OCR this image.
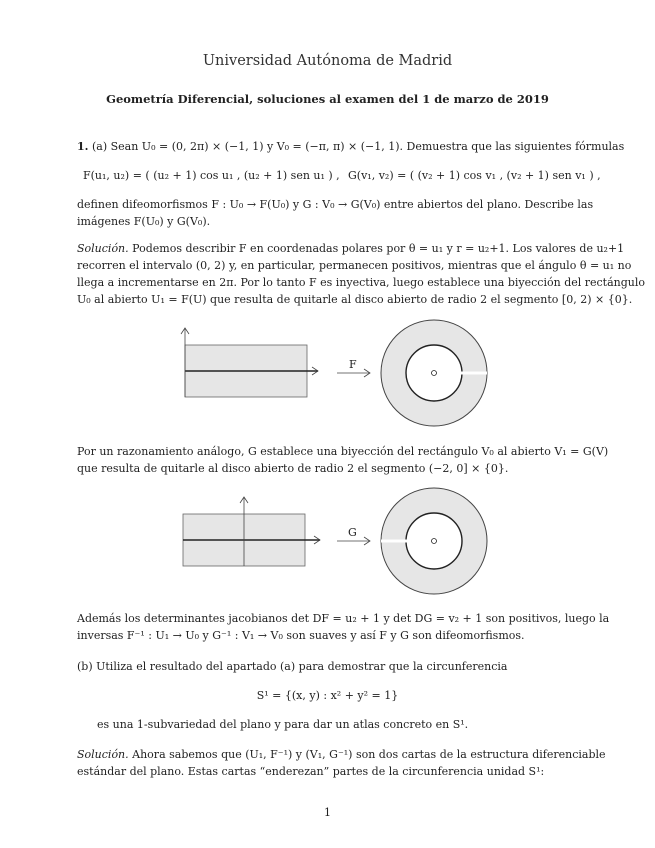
Universidad Autónoma de Madrid
Geometría Diferencial, soluciones al examen del 1 de marzo de 2019
1. (a) Sean U₀ = (0, 2π) × (−1, 1) y V₀ = (−π, π) × (−1, 1). Demuestra que las siguientes fórmulas
F(u₁, u₂) = ( (u₂ + 1) cos u₁ , (u₂ + 1) sen u₁ ) , G(v₁, v₂) = ( (v₂ + 1) cos v₁ , (v₂ + 1) sen v₁ ) ,
definen difeomorfismos F : U₀ → F(U₀) y G : V₀ → G(V₀) entre abiertos del plano. Describe las
imágenes F(U₀) y G(V₀).
Solución. Podemos describir F en coordenadas polares por θ = u₁ y r = u₂+1. Los valores de u₂+1
recorren el intervalo (0, 2) y, en particular, permanecen positivos, mientras que el ángulo θ = u₁ no
llega a incrementarse en 2π. Por lo tanto F es inyectiva, luego establece una biyección del rectángulo
U₀ al abierto U₁ = F(U) que resulta de quitarle al disco abierto de radio 2 el segmento [0, 2) × {0}.
F
Por un razonamiento análogo, G establece una biyección del rectángulo V₀ al abierto V₁ = G(V)
que resulta de quitarle al disco abierto de radio 2 el segmento (−2, 0] × {0}.
G
Además los determinantes jacobianos det DF = u₂ + 1 y det DG = v₂ + 1 son positivos, luego la
inversas F⁻¹ : U₁ → U₀ y G⁻¹ : V₁ → V₀ son suaves y así F y G son difeomorfismos.
(b) Utiliza el resultado del apartado (a) para demostrar que la circunferencia
S¹ = {(x, y) : x² + y² = 1}
es una 1-subvariedad del plano y para dar un atlas concreto en S¹.
Solución. Ahora sabemos que (U₁, F⁻¹) y (V₁, G⁻¹) son dos cartas de la estructura diferenciable
estándar del plano. Estas cartas “enderezan” partes de la circunferencia unidad S¹:
1
